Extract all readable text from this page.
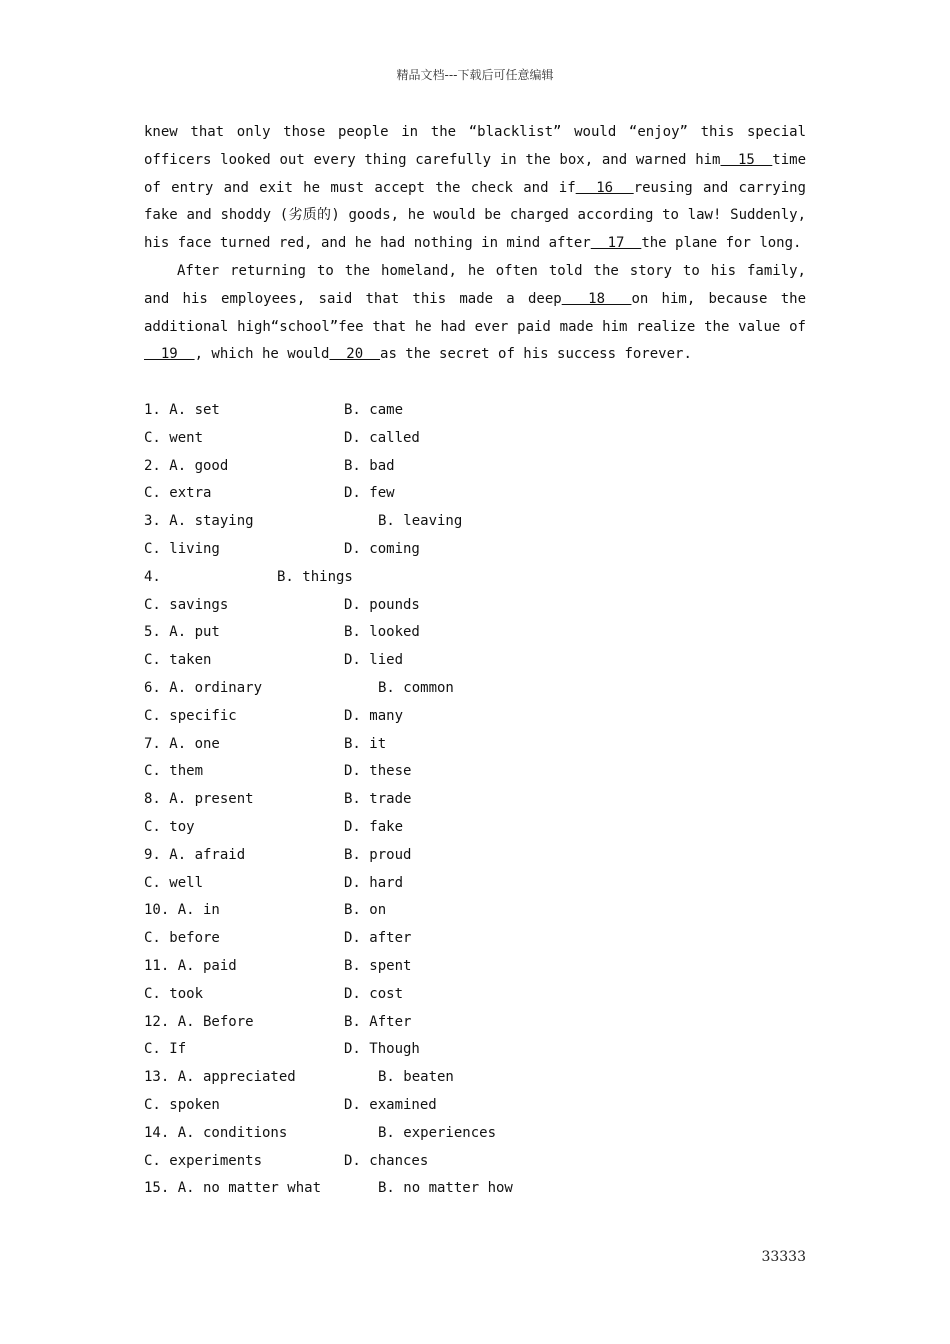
精品文档---下载后可任意编辑

knew that only those people in the “blacklist” would “enjoy” this special officers looked out every thing carefully in the box, and warned him  15  time of entry and exit he must accept the check and if  16  reusing and carrying fake and shoddy (劣质的) goods, he would be charged according to law! Suddenly, his face turned red, and he had nothing in mind after  17  the plane for long.

After returning to the homeland, he often told the story to his family, and his employees, said that this made a deep  18  on him, because the additional high“school”fee that he had ever paid made him realize the value of  19  , which he would  20  as the secret of his success forever.

1. A. set	B. came
C. went	D. called
2. A. good	B. bad
C. extra	D. few
3. A. staying	B. leaving
C. living	D. coming
4.	B. things
C. savings	D. pounds
5. A. put	B. looked
C. taken	D. lied
6. A. ordinary	B. common
C. specific	D. many
7. A. one	B. it
C. them	D. these
8. A. present	B. trade
C. toy	D. fake
9. A. afraid	B. proud
C. well	D. hard
10. A. in	B. on
C. before	D. after
11. A. paid	B. spent
C. took	D. cost
12. A. Before	B. After
C. If	D. Though
13. A. appreciated	B. beaten
C. spoken	D. examined
14. A. conditions	B. experiences
C. experiments	D. chances
15. A. no matter what	B. no matter how
33333
